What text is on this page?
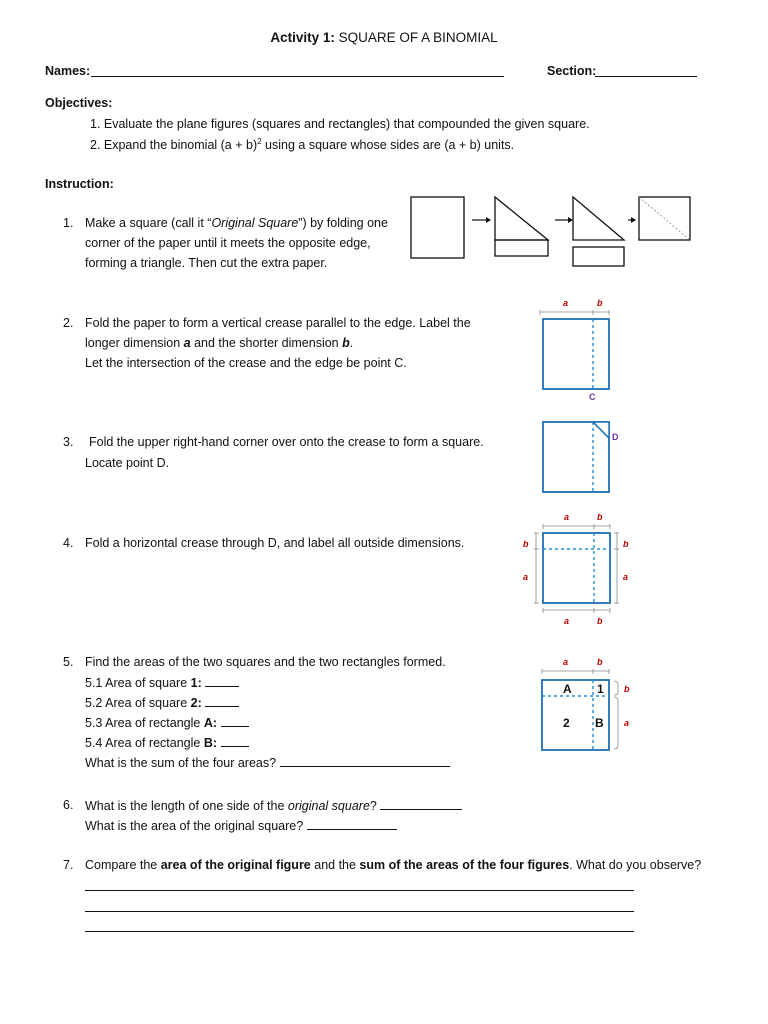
Activity 1: SQUARE OF A BINOMIAL
Names:	Section:
Objectives:
1. Evaluate the plane figures (squares and rectangles) that compounded the given square.
2. Expand the binomial $(a + b)^2$ using a square whose sides are (a + b) units.
Instruction:
1. Make a square (call it “Original Square”) by folding one
corner of the paper until it meets the opposite edge,
forming a triangle. Then cut the extra paper.
2. Fold the paper to form a vertical crease parallel to the edge. Label the
longer dimension a and the shorter dimension b.
Let the intersection of the crease and the edge be point C.
a	b
C
3. Fold the upper right-hand corner over onto the crease to form a square.
Locate point D.
D
4. Fold a horizontal crease through D, and label all outside dimensions.
a	b
b
a
b
a
a	b
5. Find the areas of the two squares and the two rectangles formed.
5.1 Area of square 1:
5.2 Area of square 2:
5.3 Area of rectangle A:
5.4 Area of rectangle B:
What is the sum of the four areas?
a	b
A 1
2 B
b
a
6. What is the length of one side of the original square?
What is the area of the original square?
7. Compare the area of the original figure and the sum of the areas of the four figures. What do you observe?
